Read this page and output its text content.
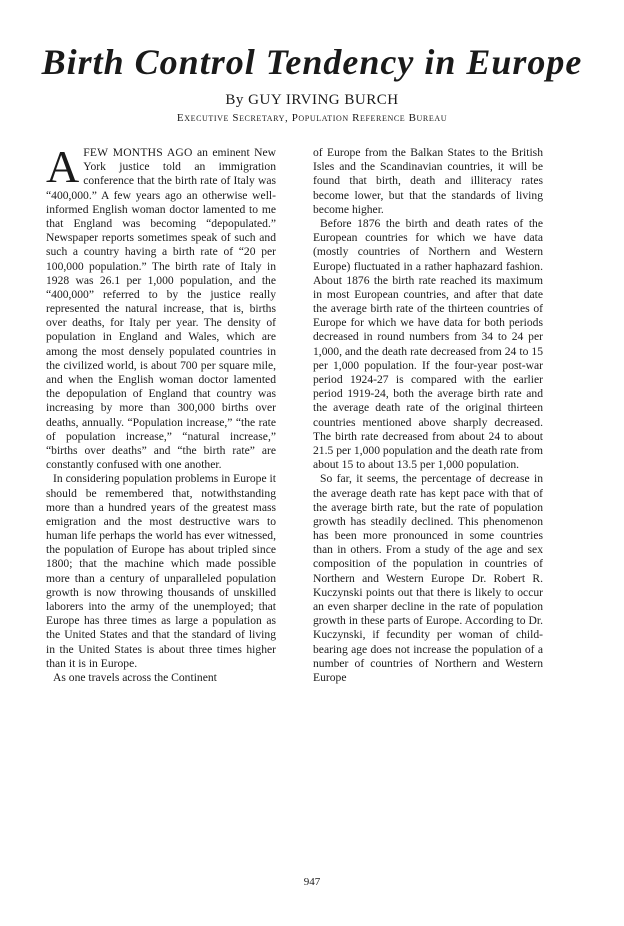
Birth Control Tendency in Europe

By GUY IRVING BURCH

Executive Secretary, Population Reference Bureau

AFEW MONTHS AGO an eminent New York justice told an immigration conference that the birth rate of Italy was “400,000.” A few years ago an otherwise well-informed English woman doctor lamented to me that England was becoming “depopulated.” Newspaper reports sometimes speak of such and such a country having a birth rate of “20 per 100,000 population.” The birth rate of Italy in 1928 was 26.1 per 1,000 population, and the “400,000” referred to by the justice really represented the natural increase, that is, births over deaths, for Italy per year. The density of population in England and Wales, which are among the most densely populated countries in the civilized world, is about 700 per square mile, and when the English woman doctor lamented the depopulation of England that country was increasing by more than 300,000 births over deaths, annually. “Population increase,” “the rate of population increase,” “natural increase,” “births over deaths” and “the birth rate” are constantly confused with one another.

In considering population problems in Europe it should be remembered that, notwithstanding more than a hundred years of the greatest mass emigration and the most destructive wars to human life perhaps the world has ever witnessed, the population of Europe has about tripled since 1800; that the machine which made possible more than a century of unparalleled population growth is now throwing thousands of unskilled laborers into the army of the unemployed; that Europe has three times as large a population as the United States and that the standard of living in the United States is about three times higher than it is in Europe.

As one travels across the Continent

of Europe from the Balkan States to the British Isles and the Scandinavian countries, it will be found that birth, death and illiteracy rates become lower, but that the standards of living become higher.

Before 1876 the birth and death rates of the European countries for which we have data (mostly countries of Northern and Western Europe) fluctuated in a rather haphazard fashion. About 1876 the birth rate reached its maximum in most European countries, and after that date the average birth rate of the thirteen countries of Europe for which we have data for both periods decreased in round numbers from 34 to 24 per 1,000, and the death rate decreased from 24 to 15 per 1,000 population. If the four-year post-war period 1924-27 is compared with the earlier period 1919-24, both the average birth rate and the average death rate of the original thirteen countries mentioned above sharply decreased. The birth rate decreased from about 24 to about 21.5 per 1,000 population and the death rate from about 15 to about 13.5 per 1,000 population.

So far, it seems, the percentage of decrease in the average death rate has kept pace with that of the average birth rate, but the rate of population growth has steadily declined. This phenomenon has been more pronounced in some countries than in others. From a study of the age and sex composition of the population in countries of Northern and Western Europe Dr. Robert R. Kuczynski points out that there is likely to occur an even sharper decline in the rate of population growth in these parts of Europe. According to Dr. Kuczynski, if fecundity per woman of child-bearing age does not increase the population of a number of countries of Northern and Western Europe

947
